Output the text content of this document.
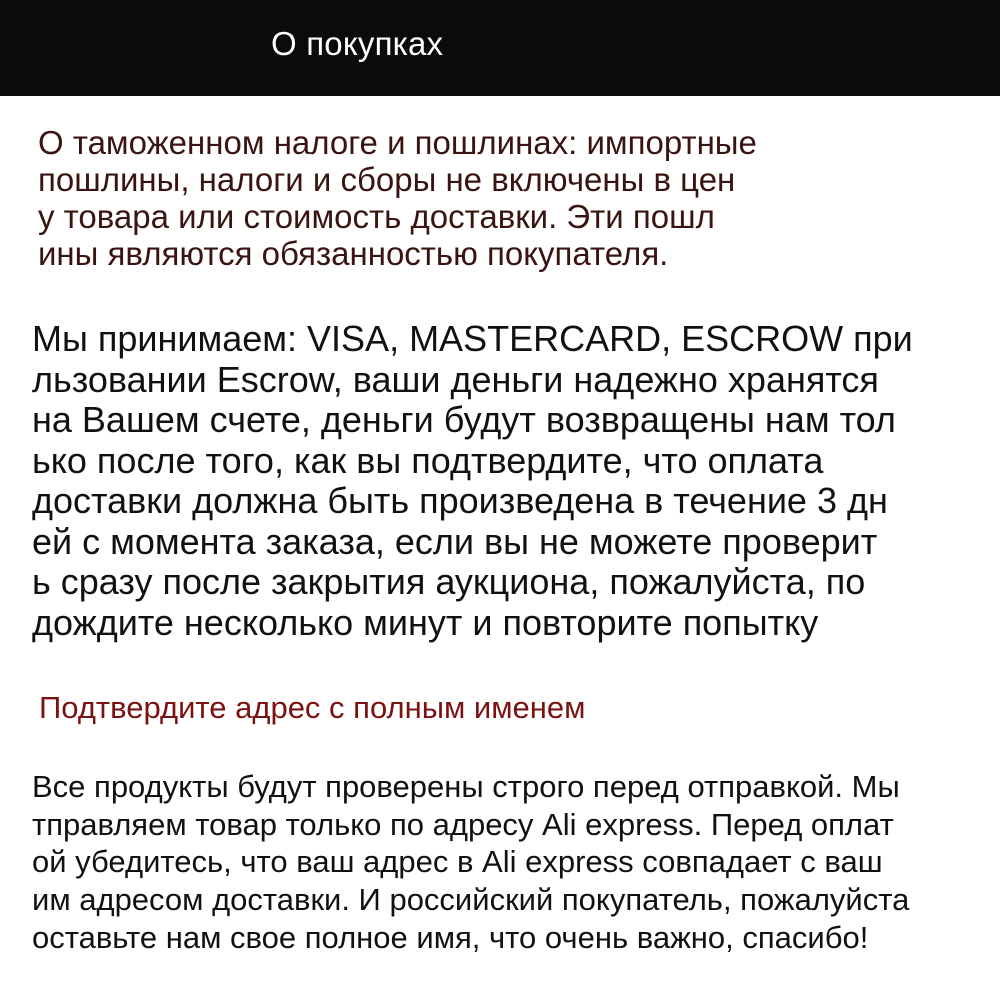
О покупках
О таможенном налоге и пошлинах: импортные
пошлины, налоги и сборы не включены в цен
у товара или стоимость доставки. Эти пошл
ины являются обязанностью покупателя.
Мы принимаем: VISA, MASTERCARD, ESCROW при
льзовании Escrow, ваши деньги надежно хранятся
на Вашем счете, деньги будут возвращены нам тол
ько после того, как вы подтвердите, что оплата
доставки должна быть произведена в течение 3 дн
ей с момента заказа, если вы не можете проверит
ь сразу после закрытия аукциона, пожалуйста, по
дождите несколько минут и повторите попытку
Подтвердите адрес с полным именем
Все продукты будут проверены строго перед отправкой. Мы
тправляем товар только по адресу Ali express. Перед оплат
ой убедитесь, что ваш адрес в Ali express совпадает с ваш
им адресом доставки. И российский покупатель, пожалуйста
оставьте нам свое полное имя, что очень важно, спасибо!
